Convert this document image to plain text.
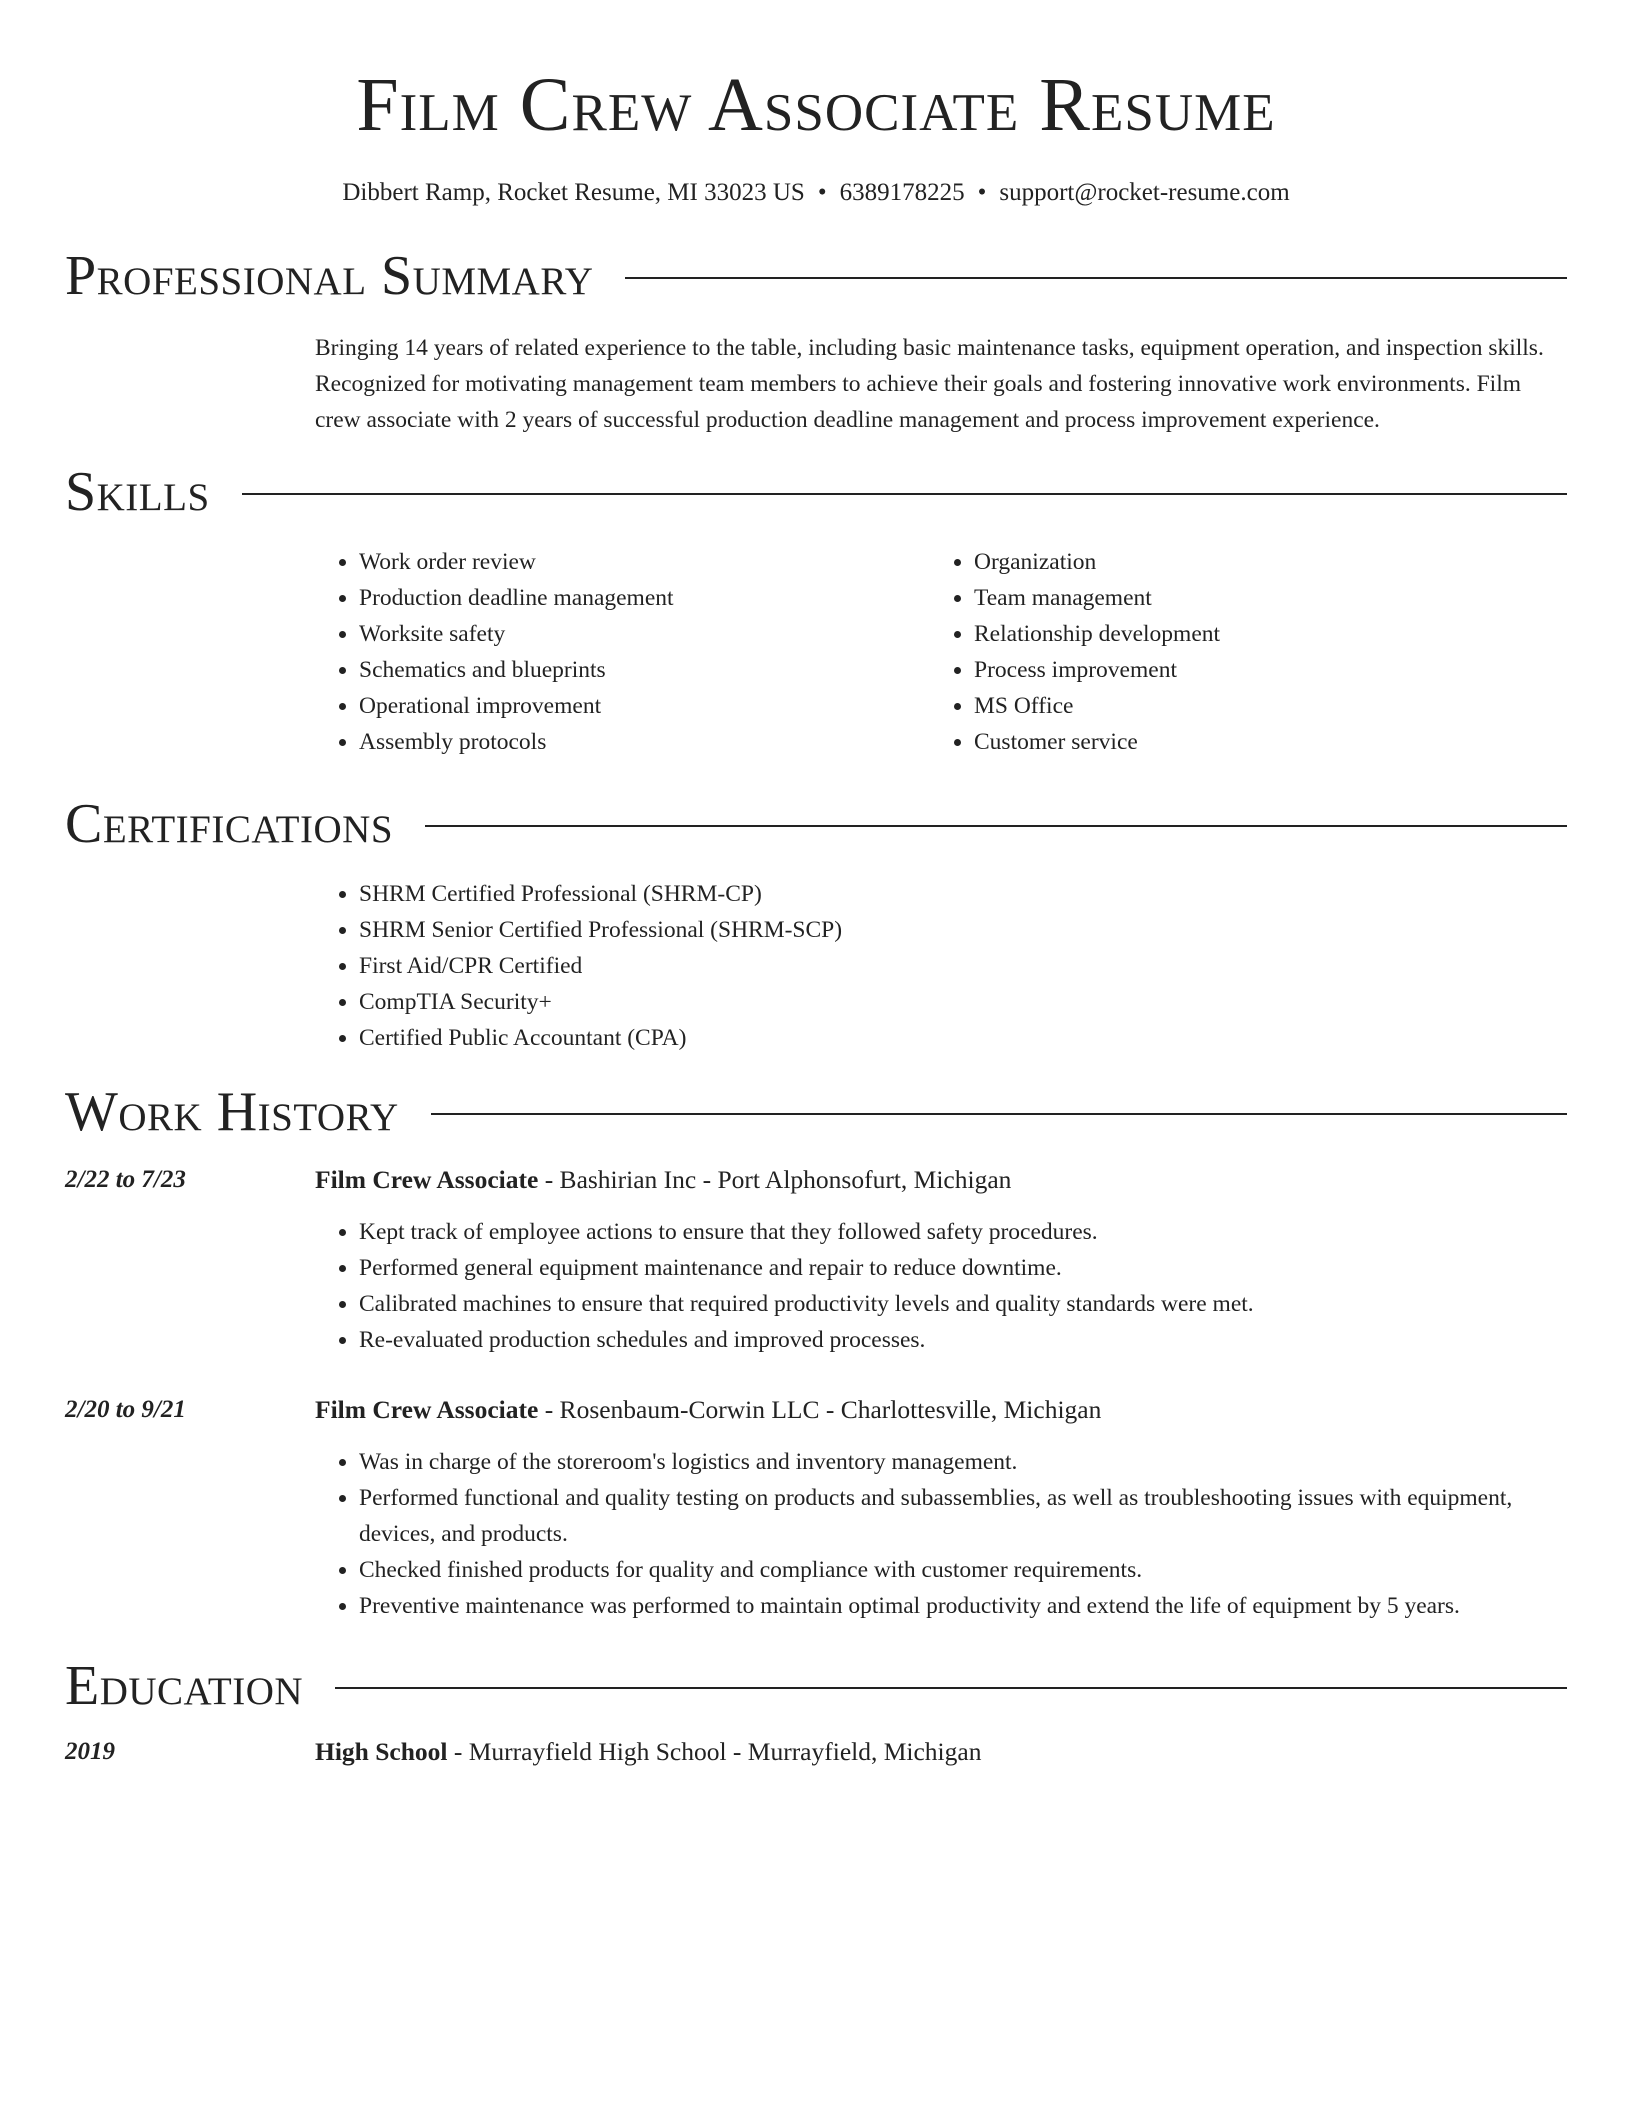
Film Crew Associate Resume
Dibbert Ramp, Rocket Resume, MI 33023 US • 6389178225 • support@rocket-resume.com
Professional Summary
Bringing 14 years of related experience to the table, including basic maintenance tasks, equipment operation, and inspection skills. Recognized for motivating management team members to achieve their goals and fostering innovative work environments. Film crew associate with 2 years of successful production deadline management and process improvement experience.
Skills
• Work order review
• Production deadline management
• Worksite safety
• Schematics and blueprints
• Operational improvement
• Assembly protocols
• Organization
• Team management
• Relationship development
• Process improvement
• MS Office
• Customer service
Certifications
• SHRM Certified Professional (SHRM-CP)
• SHRM Senior Certified Professional (SHRM-SCP)
• First Aid/CPR Certified
• CompTIA Security+
• Certified Public Accountant (CPA)
Work History
2/22 to 7/23	Film Crew Associate - Bashirian Inc - Port Alphonsofurt, Michigan
• Kept track of employee actions to ensure that they followed safety procedures.
• Performed general equipment maintenance and repair to reduce downtime.
• Calibrated machines to ensure that required productivity levels and quality standards were met.
• Re-evaluated production schedules and improved processes.
2/20 to 9/21	Film Crew Associate - Rosenbaum-Corwin LLC - Charlottesville, Michigan
• Was in charge of the storeroom's logistics and inventory management.
• Performed functional and quality testing on products and subassemblies, as well as troubleshooting issues with equipment, devices, and products.
• Checked finished products for quality and compliance with customer requirements.
• Preventive maintenance was performed to maintain optimal productivity and extend the life of equipment by 5 years.
Education
2019	High School - Murrayfield High School - Murrayfield, Michigan
